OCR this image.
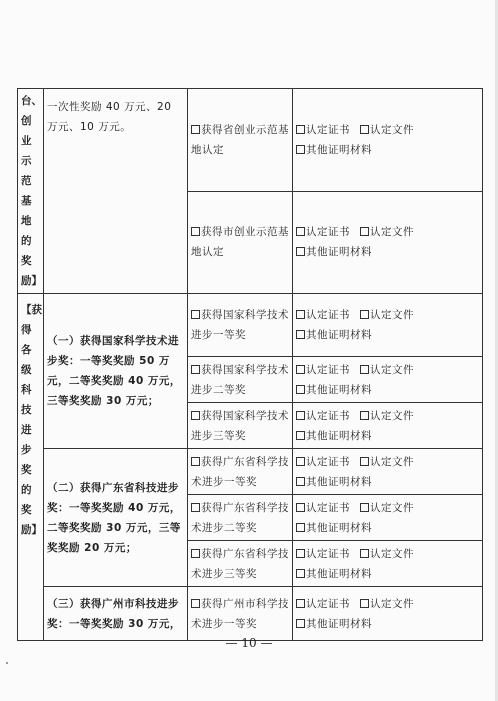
台、创业示范基地的奖励】	一次性奖励 40 万元、20 万元、10 万元。	获得省创业示范基地认定	认定证书 认定文件
其他证明材料
		获得市创业示范基地认定	认定证书 认定文件
其他证明材料
【获得各级科技进步奖的奖励】	（一）获得国家科学技术进步奖：一等奖奖励 50 万元，二等奖奖励 40 万元，三等奖奖励 30 万元；	获得国家科学技术进步一等奖	认定证书 认定文件
其他证明材料
		获得国家科学技术进步二等奖	认定证书 认定文件
其他证明材料
		获得国家科学技术进步三等奖	认定证书 认定文件
其他证明材料
	（二）获得广东省科技进步奖：一等奖奖励 40 万元，二等奖奖励 30 万元，三等奖奖励 20 万元；	获得广东省科学技术进步一等奖	认定证书 认定文件
其他证明材料
		获得广东省科学技术进步二等奖	认定证书 认定文件
其他证明材料
		获得广东省科学技术进步三等奖	认定证书 认定文件
其他证明材料
	（三）获得广州市科技进步奖：一等奖奖励 30 万元，	获得广州市科学技术进步一等奖	认定证书 认定文件
其他证明材料
— 10 —
